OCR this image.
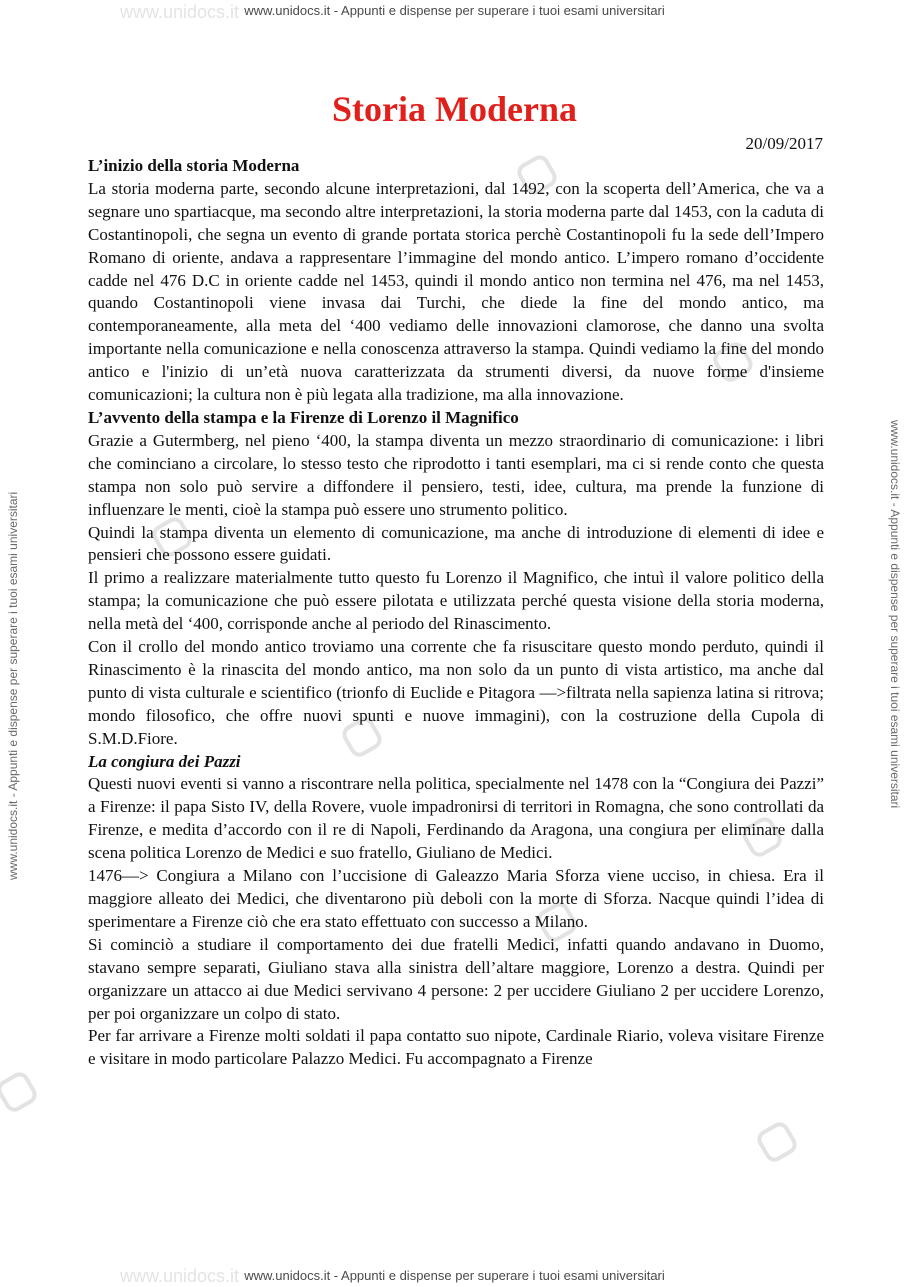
www.unidocs.it - Appunti e dispense per superare i tuoi esami universitari
www.unidocs.it - Appunti e dispense per superare i tuoi esami universitari
www.unidocs.it
www.unidocs.it
www.unidocs.it - Appunti e dispense per superare i tuoi esami universitari	www.unidocs.it - Appunti e dispense per superare i tuoi esami universitari
Storia Moderna
20/09/2017

L’inizio della storia Moderna

La storia moderna parte, secondo alcune interpretazioni, dal 1492, con la scoperta dell’America, che va a segnare uno spartiacque, ma secondo altre interpretazioni, la storia moderna parte dal 1453, con la caduta di Costantinopoli, che segna un evento di grande portata storica perchè Costantinopoli fu la sede dell’Impero Romano di oriente, andava a rappresentare l’immagine del mondo antico. L’impero romano d’occidente cadde nel 476 D.C in oriente cadde nel 1453, quindi il mondo antico non termina nel 476, ma nel 1453, quando Costantinopoli viene invasa dai Turchi, che diede la fine del mondo antico, ma contemporaneamente, alla meta del ‘400 vediamo delle innovazioni clamorose, che danno una svolta importante nella comunicazione e nella conoscenza attraverso la stampa. Quindi vediamo la fine del mondo antico e l'inizio di un’età nuova caratterizzata da strumenti diversi, da nuove forme d'insieme comunicazioni; la cultura non è più legata alla tradizione, ma alla innovazione.

L’avvento della stampa e la Firenze di Lorenzo il Magnifico

Grazie a Gutermberg, nel pieno ‘400, la stampa diventa un mezzo straordinario di comunicazione: i libri che cominciano a circolare, lo stesso testo che riprodotto i tanti esemplari, ma ci si rende conto che questa stampa non solo può servire a diffondere il pensiero, testi, idee, cultura, ma prende la funzione di influenzare le menti, cioè la stampa può essere uno strumento politico.

Quindi la stampa diventa un elemento di comunicazione, ma anche di introduzione di elementi di idee e pensieri che possono essere guidati.

Il primo a realizzare materialmente tutto questo fu Lorenzo il Magnifico, che intuì il valore politico della stampa; la comunicazione che può essere pilotata e utilizzata perché questa visione della storia moderna, nella metà del ‘400, corrisponde anche al periodo del Rinascimento.

Con il crollo del mondo antico troviamo una corrente che fa risuscitare questo mondo perduto, quindi il Rinascimento è la rinascita del mondo antico, ma non solo da un punto di vista artistico, ma anche dal punto di vista culturale e scientifico (trionfo di Euclide e Pitagora —>filtrata nella sapienza latina si ritrova; mondo filosofico, che offre nuovi spunti e nuove immagini), con la costruzione della Cupola di S.M.D.Fiore.

La congiura dei Pazzi

Questi nuovi eventi si vanno a riscontrare nella politica, specialmente nel 1478 con la “Congiura dei Pazzi” a Firenze: il papa Sisto IV, della Rovere, vuole impadronirsi di territori in Romagna, che sono controllati da Firenze, e medita d’accordo con il re di Napoli, Ferdinando da Aragona, una congiura per eliminare dalla scena politica Lorenzo de Medici e suo fratello, Giuliano de Medici.

1476—> Congiura a Milano con l’uccisione di Galeazzo Maria Sforza viene ucciso, in chiesa. Era il maggiore alleato dei Medici, che diventarono più deboli con la morte di Sforza. Nacque quindi l’idea di sperimentare a Firenze ciò che era stato effettuato con successo a Milano.

Si cominciò a studiare il comportamento dei due fratelli Medici, infatti quando andavano in Duomo, stavano sempre separati, Giuliano stava alla sinistra dell’altare maggiore, Lorenzo a destra. Quindi per organizzare un attacco ai due Medici servivano 4 persone: 2 per uccidere Giuliano 2 per uccidere Lorenzo, per poi organizzare un colpo di stato.

Per far arrivare a Firenze molti soldati il papa contatto suo nipote, Cardinale Riario, voleva visitare Firenze e visitare in modo particolare Palazzo Medici. Fu accompagnato a Firenze
